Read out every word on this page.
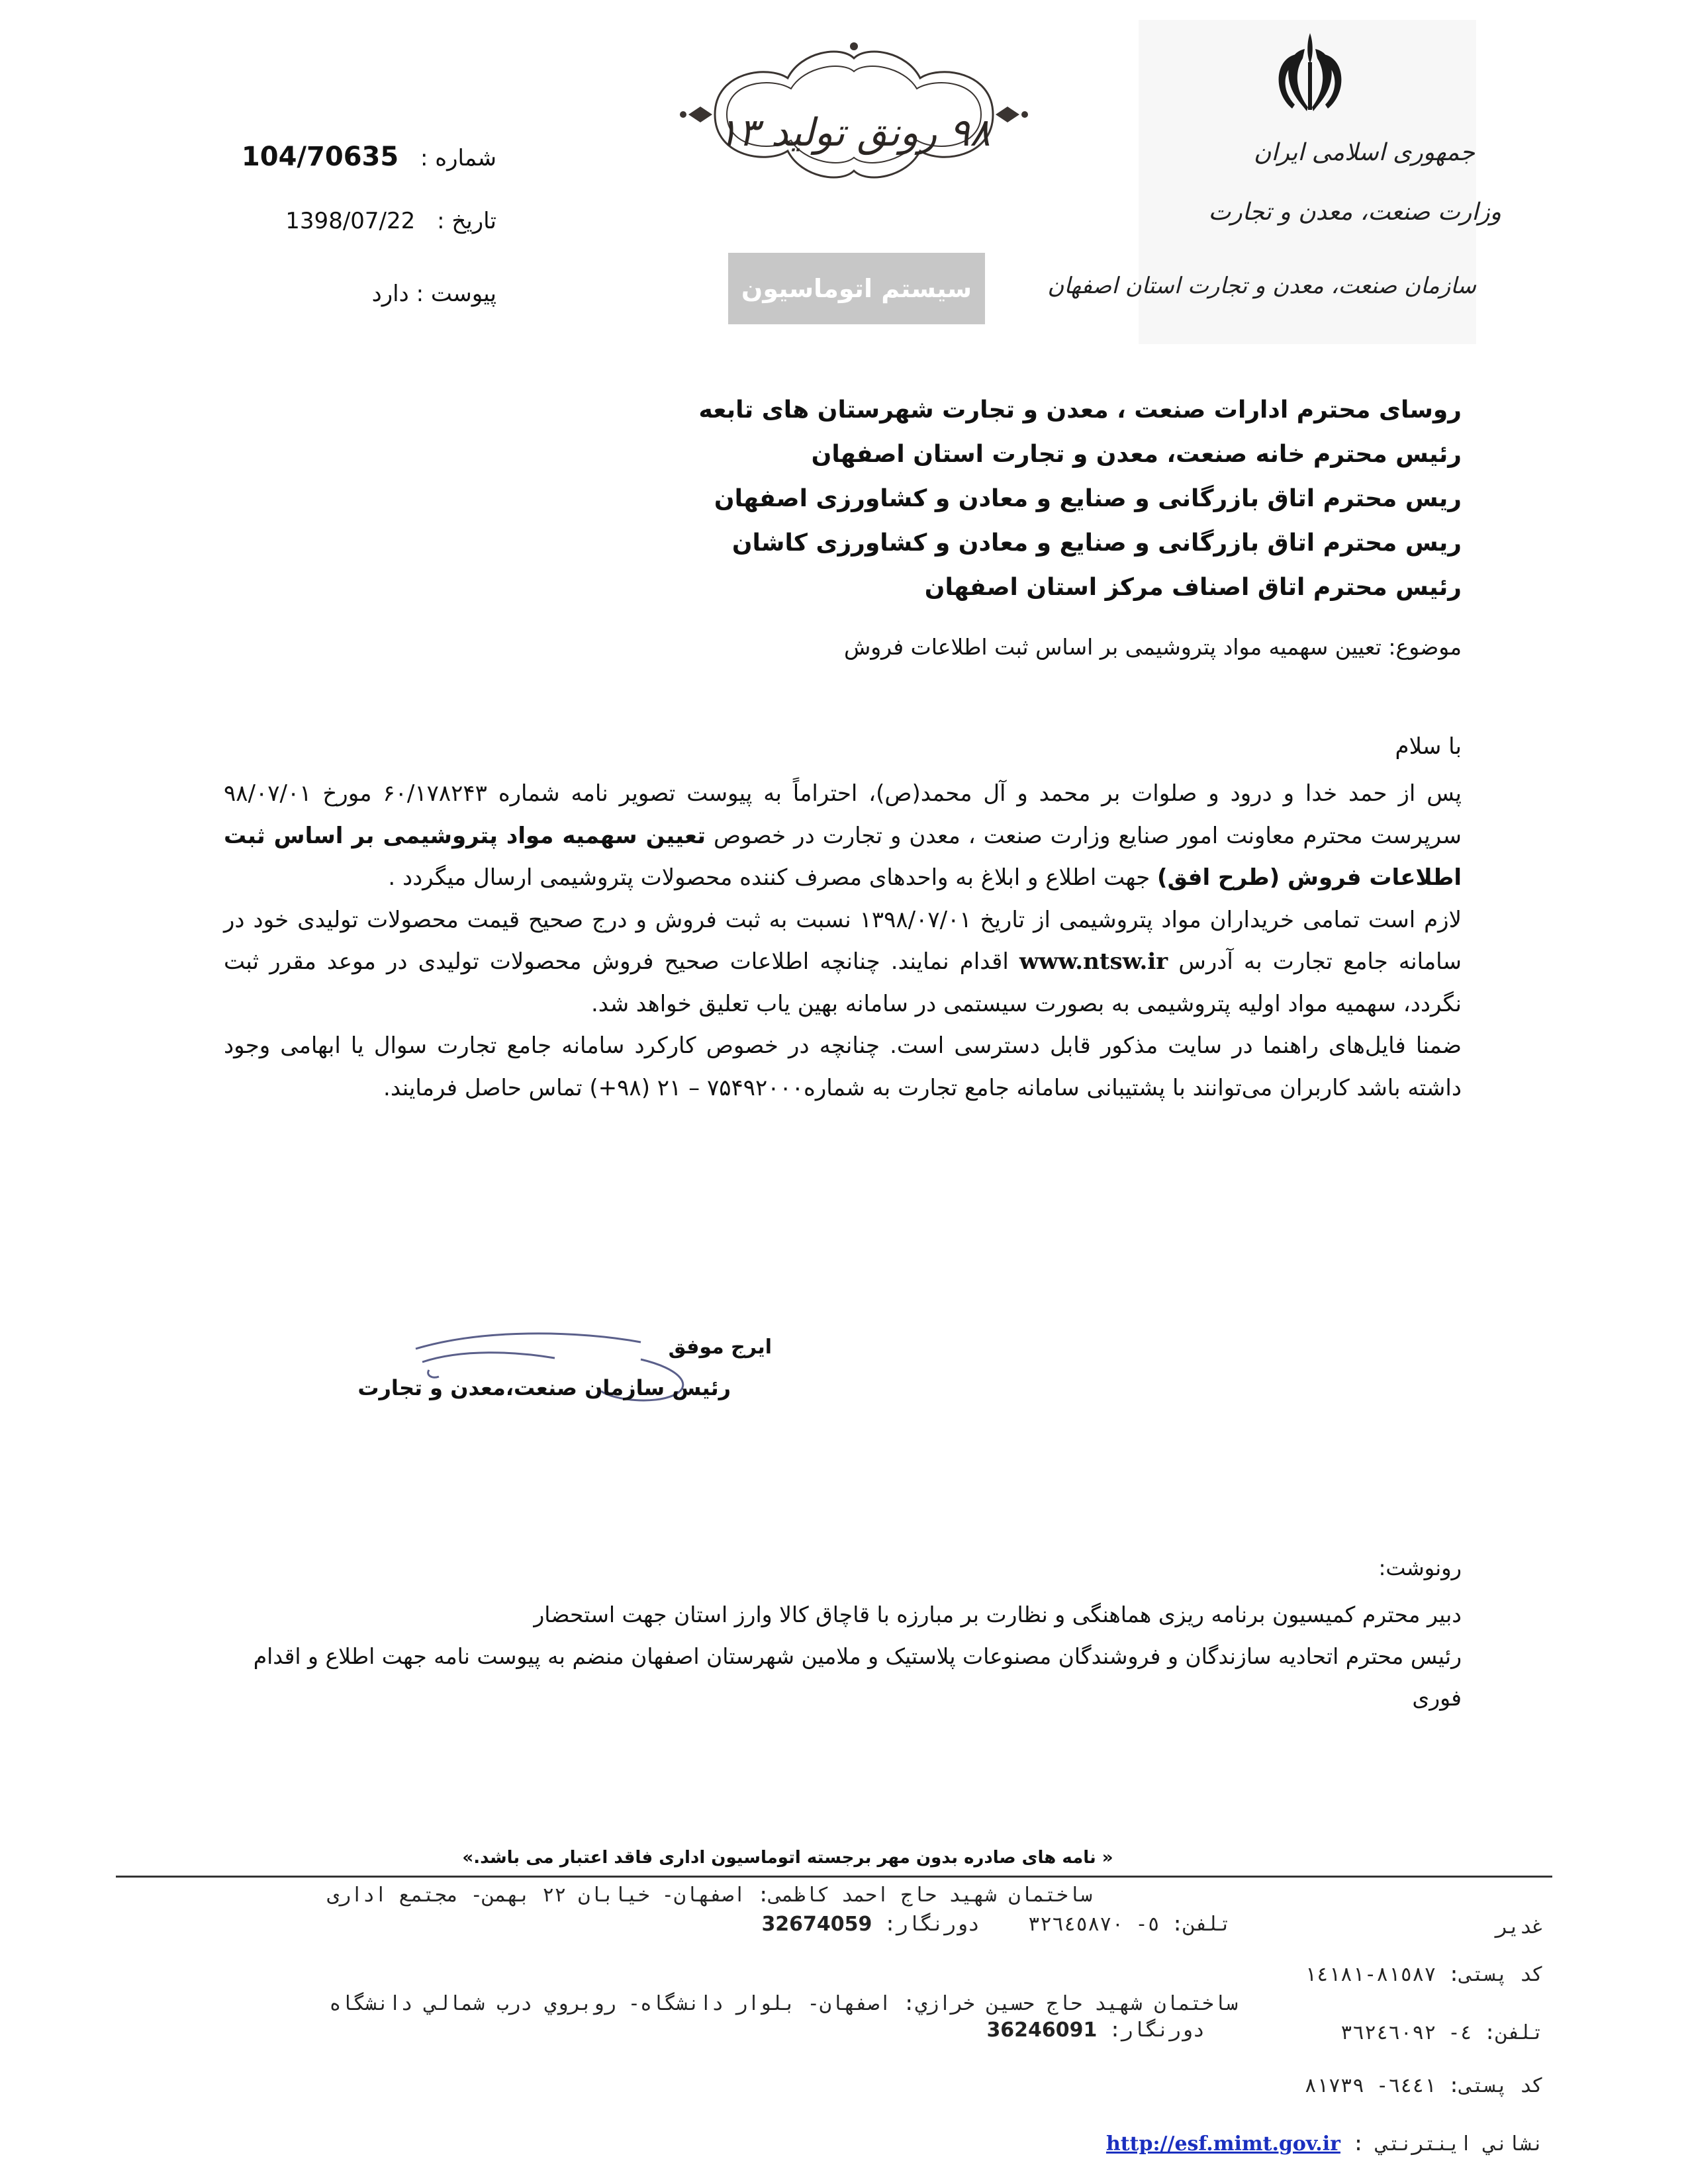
شماره : 104/70635
تاریخ : 1398/07/22
پیوست : دارد
۹۸ رونق تولید ۱۳
سیستم اتوماسیون
جمهوری اسلامی ایران
وزارت صنعت، معدن و تجارت
سازمان صنعت، معدن و تجارت استان اصفهان
روسای محترم ادارات صنعت ، معدن و تجارت شهرستان های تابعه
رئیس محترم خانه صنعت، معدن و تجارت استان اصفهان
ریس محترم اتاق بازرگانی و صنایع و معادن و کشاورزی اصفهان
ریس محترم اتاق بازرگانی و صنایع و معادن و کشاورزی کاشان
رئیس محترم اتاق اصناف مرکز استان اصفهان
موضوع: تعیین سهمیه مواد پتروشیمی بر اساس ثبت اطلاعات فروش
با سلام

پس از حمد خدا و درود و صلوات بر محمد و آل محمد(ص)، احتراماً به پیوست تصویر نامه شماره ۶۰/۱۷۸۲۴۳ مورخ ۹۸/۰۷/۰۱ سرپرست محترم معاونت امور صنایع وزارت صنعت ، معدن و تجارت در خصوص تعیین سهمیه مواد پتروشیمی بر اساس ثبت اطلاعات فروش (طرح افق) جهت اطلاع و ابلاغ به واحدهای مصرف کننده محصولات پتروشیمی ارسال میگردد .

لازم است تمامی خریداران مواد پتروشیمی از تاریخ ۱۳۹۸/۰۷/۰۱ نسبت به ثبت فروش و درج صحیح قیمت محصولات تولیدی خود در سامانه جامع تجارت به آدرس www.ntsw.ir اقدام نمایند. چنانچه اطلاعات صحیح فروش محصولات تولیدی در موعد مقرر ثبت نگردد، سهمیه مواد اولیه پتروشیمی به بصورت سیستمی در سامانه بهین یاب تعلیق خواهد شد.

ضمنا فایل‌های راهنما در سایت مذکور قابل دسترسی است. چنانچه در خصوص کارکرد سامانه جامع تجارت سوال یا ابهامی وجود داشته باشد کاربران می‌توانند با پشتیبانی سامانه جامع تجارت به شماره۷۵۴۹۲۰۰۰ – ۲۱ (۹۸+) تماس حاصل فرمایند.

ایرج موفق
رئیس سازمان صنعت،معدن و تجارت
رونوشت:

دبیر محترم کمیسیون برنامه ریزی هماهنگی و نظارت بر مبارزه با قاچاق کالا وارز استان جهت استحضار

رئیس محترم اتحادیه سازندگان و فروشندگان مصنوعات پلاستیک و ملامین شهرستان اصفهان منضم به پیوست نامه جهت اطلاع و اقدام فوری

« نامه های صادره بدون مهر برجسته اتوماسیون اداری فاقد اعتبار می باشد.»
ساختمان شهید حاج احمد کاظمی: اصفهان- خیابان ۲۲ بهمن- مجتمع اداری
غدیر
تلفن: ٥- ٣٢٦٤٥٨٧٠
دورنگار: 32674059
کد پستی: ٨١٥٨٧-١٤١٨١
ساختمان شهید حاج حسین خرازي: اصفهان- بلوار دانشگاه- روبروي درب شمالي دانشگاه
تلفن: ٤- ٣٦٢٤٦٠٩٢
دورنگار: 36246091
کد پستی: ٦٤٤١- ٨١٧٣٩
نشاني اينترنتي : http://esf.mimt.gov.ir
